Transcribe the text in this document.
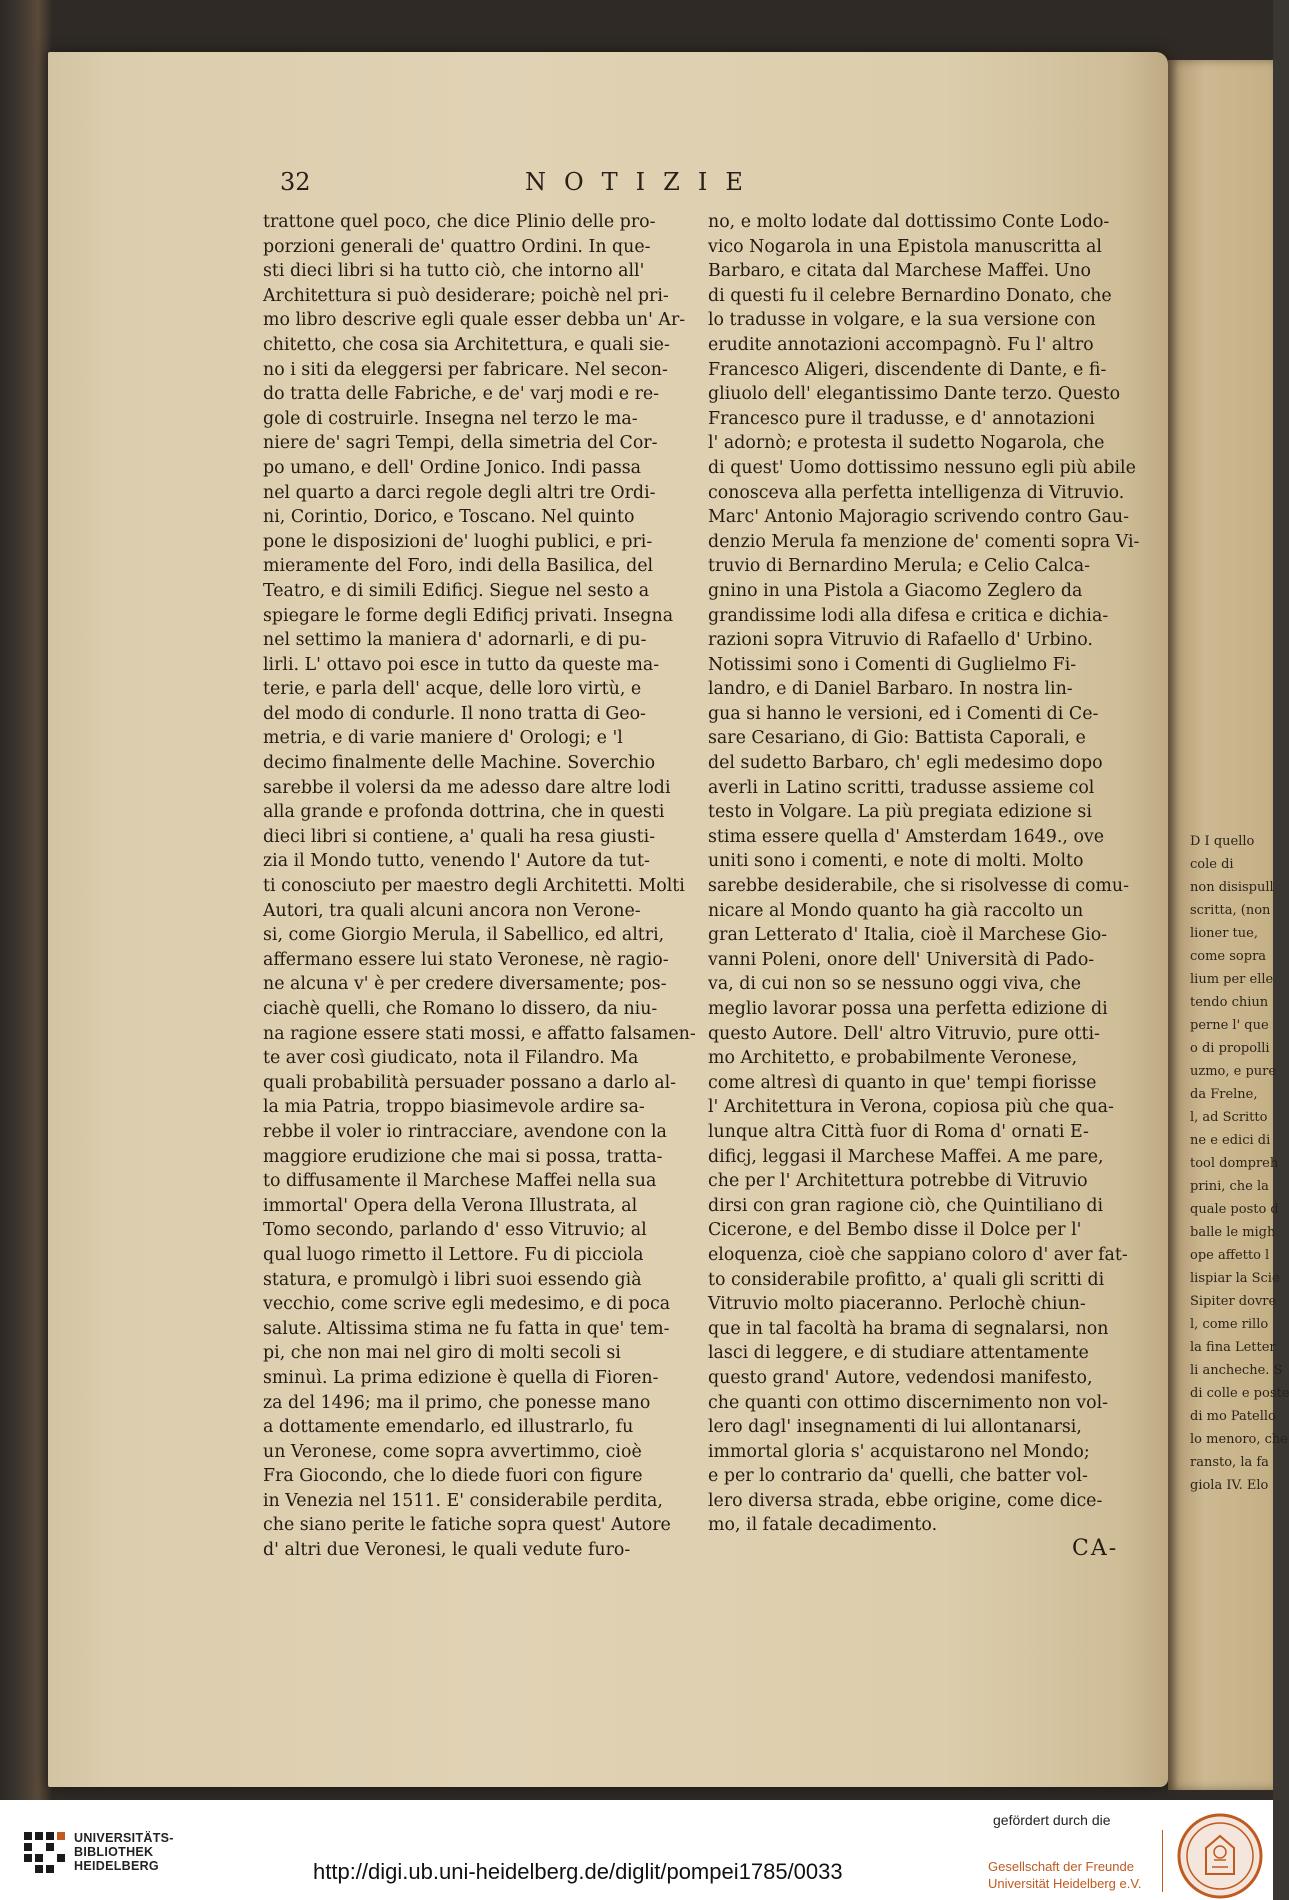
D I quello
cole di
non disispull
scritta, (non
lioner tue,
come sopra
lium per elle
tendo chiun
perne l' que
o di propolli
uzmo, e pure
da Frelne,
l, ad Scritto
ne e edici di
tool dompreh
prini, che la
quale posto d
balle le migh
ope affetto l
lispiar la Scie
Sipiter dovre
l, come rillo
la fina Letter
li ancheche. S
di colle e poste
di mo Patello
lo menoro, che
ransto, la fa
giola IV. Elo
32	NOTIZIE
trattone quel poco, che dice Plinio delle pro-
porzioni generali de' quattro Ordini. In que-
sti dieci libri si ha tutto ciò, che intorno all'
Architettura si può desiderare; poichè nel pri-
mo libro descrive egli quale esser debba un' Ar-
chitetto, che cosa sia Architettura, e quali sie-
no i siti da eleggersi per fabricare. Nel secon-
do tratta delle Fabriche, e de' varj modi e re-
gole di costruirle. Insegna nel terzo le ma-
niere de' sagri Tempi, della simetria del Cor-
po umano, e dell' Ordine Jonico. Indi passa
nel quarto a darci regole degli altri tre Ordi-
ni, Corintio, Dorico, e Toscano. Nel quinto
pone le disposizioni de' luoghi publici, e pri-
mieramente del Foro, indi della Basilica, del
Teatro, e di simili Edificj. Siegue nel sesto a
spiegare le forme degli Edificj privati. Insegna
nel settimo la maniera d' adornarli, e di pu-
lirli. L' ottavo poi esce in tutto da queste ma-
terie, e parla dell' acque, delle loro virtù, e
del modo di condurle. Il nono tratta di Geo-
metria, e di varie maniere d' Orologi; e 'l
decimo finalmente delle Machine. Soverchio
sarebbe il volersi da me adesso dare altre lodi
alla grande e profonda dottrina, che in questi
dieci libri si contiene, a' quali ha resa giusti-
zia il Mondo tutto, venendo l' Autore da tut-
ti conosciuto per maestro degli Architetti. Molti
Autori, tra quali alcuni ancora non Verone-
si, come Giorgio Merula, il Sabellico, ed altri,
affermano essere lui stato Veronese, nè ragio-
ne alcuna v' è per credere diversamente; pos-
ciachè quelli, che Romano lo dissero, da niu-
na ragione essere stati mossi, e affatto falsamen-
te aver così giudicato, nota il Filandro. Ma
quali probabilità persuader possano a darlo al-
la mia Patria, troppo biasimevole ardire sa-
rebbe il voler io rintracciare, avendone con la
maggiore erudizione che mai si possa, tratta-
to diffusamente il Marchese Maffei nella sua
immortal' Opera della Verona Illustrata, al
Tomo secondo, parlando d' esso Vitruvio; al
qual luogo rimetto il Lettore. Fu di picciola
statura, e promulgò i libri suoi essendo già
vecchio, come scrive egli medesimo, e di poca
salute. Altissima stima ne fu fatta in que' tem-
pi, che non mai nel giro di molti secoli si
sminuì. La prima edizione è quella di Fioren-
za del 1496; ma il primo, che ponesse mano
a dottamente emendarlo, ed illustrarlo, fu
un Veronese, come sopra avvertimmo, cioè
Fra Giocondo, che lo diede fuori con figure
in Venezia nel 1511. E' considerabile perdita,
che siano perite le fatiche sopra quest' Autore
d' altri due Veronesi, le quali vedute furo-
no, e molto lodate dal dottissimo Conte Lodo-
vico Nogarola in una Epistola manuscritta al
Barbaro, e citata dal Marchese Maffei. Uno
di questi fu il celebre Bernardino Donato, che
lo tradusse in volgare, e la sua versione con
erudite annotazioni accompagnò. Fu l' altro
Francesco Aligeri, discendente di Dante, e fi-
gliuolo dell' elegantissimo Dante terzo. Questo
Francesco pure il tradusse, e d' annotazioni
l' adornò; e protesta il sudetto Nogarola, che
di quest' Uomo dottissimo nessuno egli più abile
conosceva alla perfetta intelligenza di Vitruvio.
Marc' Antonio Majoragio scrivendo contro Gau-
denzio Merula fa menzione de' comenti sopra Vi-
truvio di Bernardino Merula; e Celio Calca-
gnino in una Pistola a Giacomo Zeglero da
grandissime lodi alla difesa e critica e dichia-
razioni sopra Vitruvio di Rafaello d' Urbino.
Notissimi sono i Comenti di Guglielmo Fi-
landro, e di Daniel Barbaro. In nostra lin-
gua si hanno le versioni, ed i Comenti di Ce-
sare Cesariano, di Gio: Battista Caporali, e
del sudetto Barbaro, ch' egli medesimo dopo
averli in Latino scritti, tradusse assieme col
testo in Volgare. La più pregiata edizione si
stima essere quella d' Amsterdam 1649., ove
uniti sono i comenti, e note di molti. Molto
sarebbe desiderabile, che si risolvesse di comu-
nicare al Mondo quanto ha già raccolto un
gran Letterato d' Italia, cioè il Marchese Gio-
vanni Poleni, onore dell' Università di Pado-
va, di cui non so se nessuno oggi viva, che
meglio lavorar possa una perfetta edizione di
questo Autore. Dell' altro Vitruvio, pure otti-
mo Architetto, e probabilmente Veronese,
come altresì di quanto in que' tempi fiorisse
l' Architettura in Verona, copiosa più che qua-
lunque altra Città fuor di Roma d' ornati E-
dificj, leggasi il Marchese Maffei. A me pare,
che per l' Architettura potrebbe di Vitruvio
dirsi con gran ragione ciò, che Quintiliano di
Cicerone, e del Bembo disse il Dolce per l'
eloquenza, cioè che sappiano coloro d' aver fat-
to considerabile profitto, a' quali gli scritti di
Vitruvio molto piaceranno. Perlochè chiun-
que in tal facoltà ha brama di segnalarsi, non
lasci di leggere, e di studiare attentamente
questo grand' Autore, vedendosi manifesto,
che quanti con ottimo discernimento non vol-
lero dagl' insegnamenti di lui allontanarsi,
immortal gloria s' acquistarono nel Mondo;
e per lo contrario da' quelli, che batter vol-
lero diversa strada, ebbe origine, come dice-
mo, il fatale decadimento.
CA-
UNIVERSITÄTS-
BIBLIOTHEK
HEIDELBERG	http://digi.ub.uni-heidelberg.de/diglit/pompei1785/0033
gefördert durch die
Gesellschaft der Freunde
Universität Heidelberg e.V.
